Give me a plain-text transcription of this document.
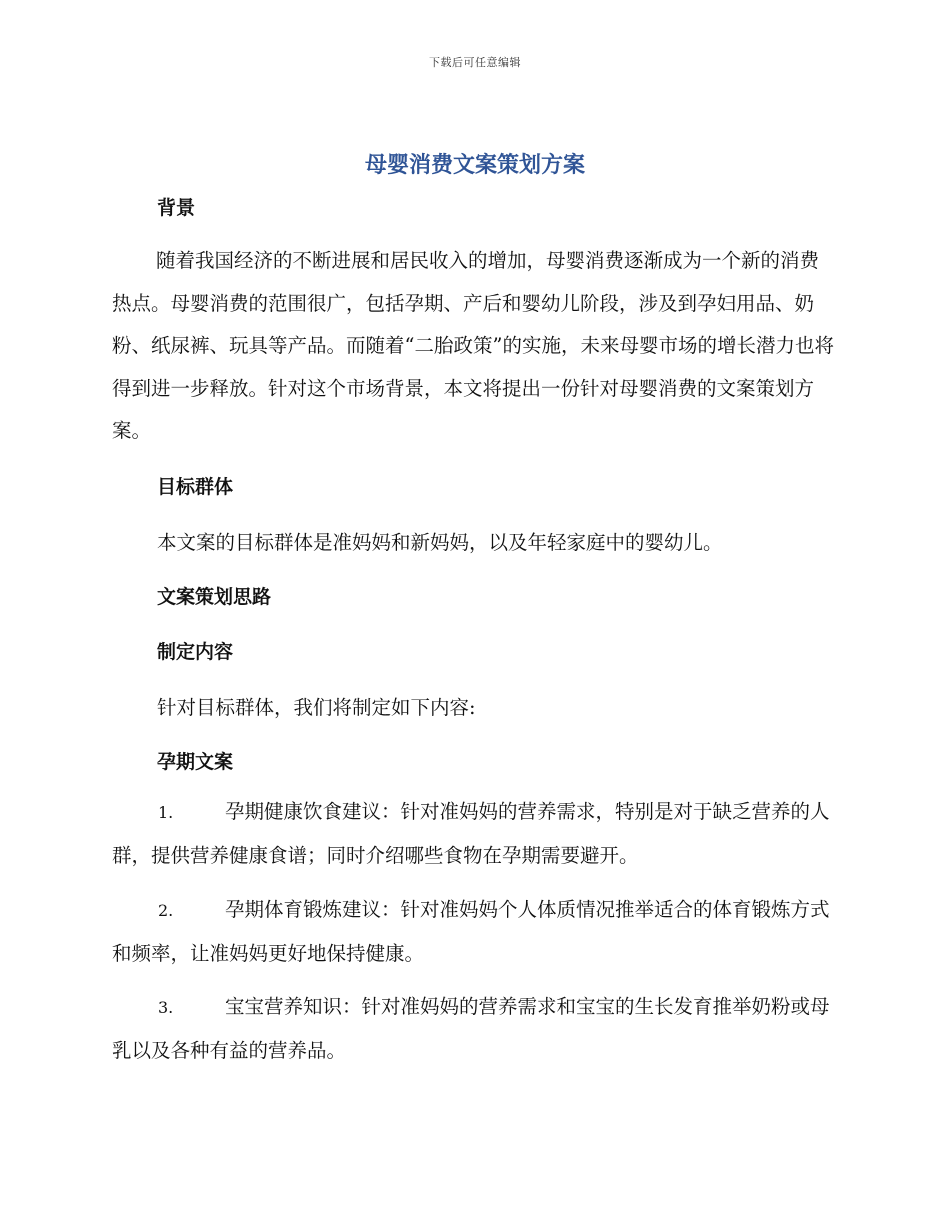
下载后可任意编辑
母婴消费文案策划方案
背景
随着我国经济的不断进展和居民收入的增加，母婴消费逐渐成为一个新的消费热点。母婴消费的范围很广，包括孕期、产后和婴幼儿阶段，涉及到孕妇用品、奶粉、纸尿裤、玩具等产品。而随着“二胎政策”的实施，未来母婴市场的增长潜力也将得到进一步释放。针对这个市场背景，本文将提出一份针对母婴消费的文案策划方案。
目标群体
本文案的目标群体是准妈妈和新妈妈，以及年轻家庭中的婴幼儿。
文案策划思路
制定内容
针对目标群体，我们将制定如下内容:
孕期文案
1.	孕期健康饮食建议：针对准妈妈的营养需求，特别是对于缺乏营养的人群，提供营养健康食谱；同时介绍哪些食物在孕期需要避开。
2.	孕期体育锻炼建议：针对准妈妈个人体质情况推举适合的体育锻炼方式和频率，让准妈妈更好地保持健康。
3.	宝宝营养知识：针对准妈妈的营养需求和宝宝的生长发育推举奶粉或母乳以及各种有益的营养品。
